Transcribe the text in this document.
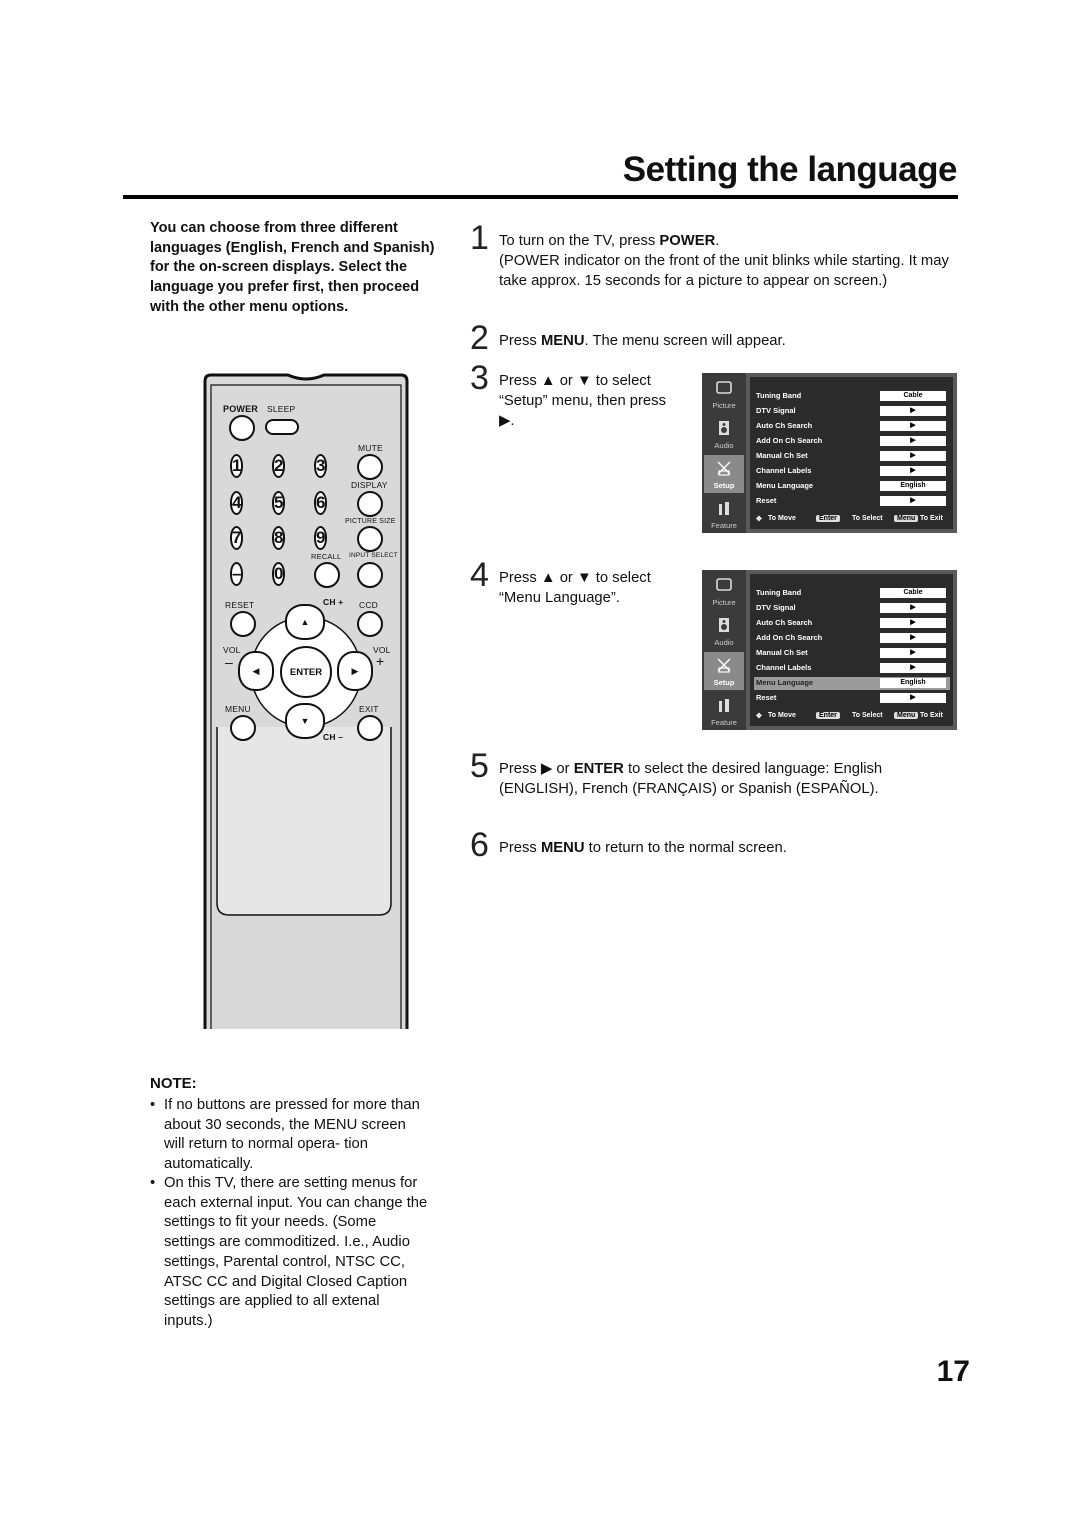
Setting the language
You can choose from three different languages (English, French and Spanish) for the on-screen displays. Select the language you prefer first, then proceed with the other menu options.
1 To turn on the TV, press POWER.
(POWER indicator on the front of the unit blinks while starting. It may take approx. 15 seconds for a picture to appear on screen.)
2 Press MENU. The menu screen will appear.
3 Press ▲ or ▼ to select “Setup” menu, then press ▶.
4 Press ▲ or ▼ to select “Menu Language”.
5 Press ▶ or ENTER to select the desired language: English (ENGLISH), French (FRANÇAIS) or Spanish (ESPAÑOL).
6 Press MENU to return to the normal screen.
Picture
Audio
Setup
Feature
Tuning Band	Cable
DTV Signal	▶
Auto Ch Search	▶
Add On Ch Search	▶
Manual Ch Set	▶
Channel Labels	▶
Menu Language	English
Reset	▶
✥ To Move	Enter	To Select	Menu To Exit
Picture
Audio
Setup
Feature
Tuning Band	Cable
DTV Signal	▶
Auto Ch Search	▶
Add On Ch Search	▶
Manual Ch Set	▶
Channel Labels	▶
Menu Language	English
Reset	▶
✥ To Move	Enter	To Select	Menu To Exit
POWER SLEEP
MUTE
1 2 3
DISPLAY
4 5 6
PICTURE SIZE
7 8 9
RECALL INPUT SELECT
– 0
RESET	CH + CCD
▲
▼
◀	▶
ENTER
VOL
–
VOL
+
MENU	EXIT
CH –
NOTE:
• If no buttons are pressed for more than about 30 seconds, the MENU screen will return to normal opera- tion automatically.
• On this TV, there are setting menus for each external input. You can change the settings to fit your needs. (Some settings are commoditized. I.e., Audio settings, Parental control, NTSC CC, ATSC CC and Digital Closed Caption settings are applied to all extenal inputs.)
17
